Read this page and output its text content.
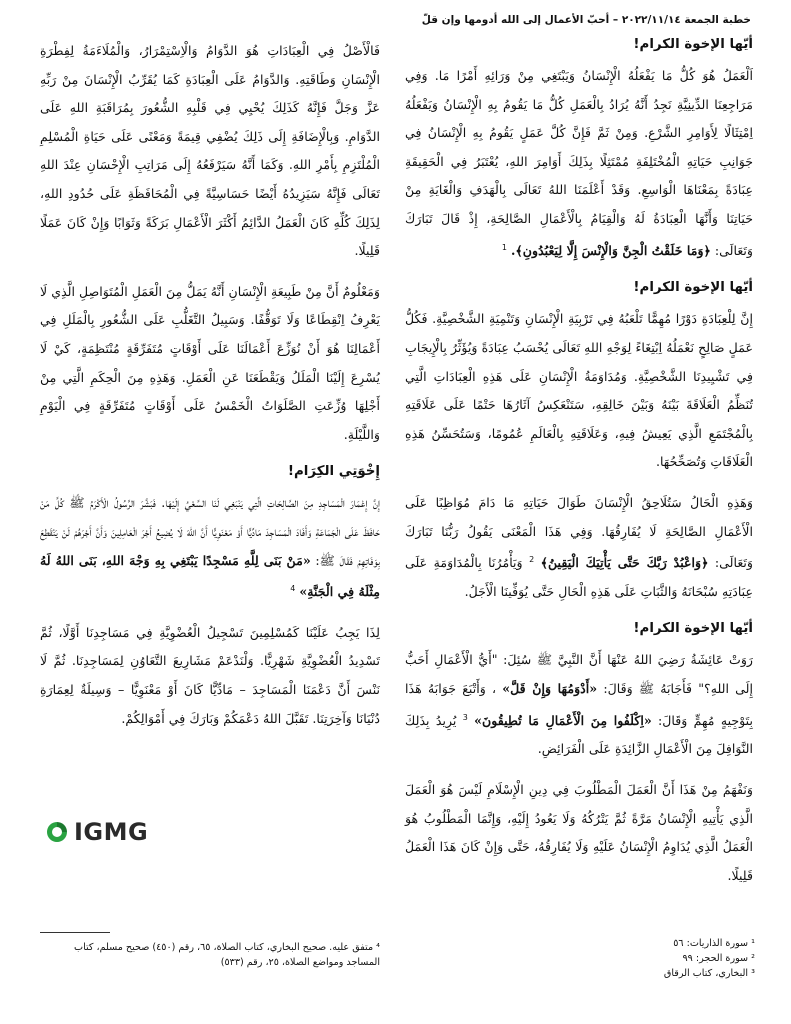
خطبة الجمعة ٢٠٢٢/١١/١٤ – أحبّ الأعمال إلى الله أدومها وإن قلّ
أيّها الإخوة الكرام!

اَلْعَمَلُ هُوَ كُلُّ مَا يَفْعَلُهُ الْإِنْسَانُ وَيَبْتَغِي مِنْ وَرَائِهِ أَمْرًا مَا. وَفِي مَرَاجِعِنَا الدِّينِيَّةِ نَجِدُ أَنَّهُ يُرَادُ بِالْعَمَلِ كُلُّ مَا يَقُومُ بِهِ الْإِنْسَانُ وَيَفْعَلُهُ اِمْتِثَالًا لِأَوَامِرِ الشَّرْعِ. وَمِنْ ثَمَّ فَإِنَّ كُلَّ عَمَلٍ يَقُومُ بِهِ الْإِنْسَانُ فِي جَوَانِبِ حَيَاتِهِ الْمُخْتَلِفَةِ مُمْتَثِلًا بِذَلِكَ أَوَامِرَ اللهِ، يُعْتَبَرُ فِي الْحَقِيقَةِ عِبَادَةً بِمَعْنَاهَا الْوَاسِعِ. وَقَدْ أَعْلَمَنَا اللهُ تَعَالَى بِالْهَدَفِ وَالْغَايَةِ مِنْ حَيَاتِنَا وَأَنَّهَا الْعِبَادَةُ لَهُ وَالْقِيَامُ بِالْأَعْمَالِ الصَّالِحَةِ، إِذْ قَالَ تَبَارَكَ وَتَعَالَى: ﴿وَمَا خَلَقْتُ الْجِنَّ وَالْإِنْسَ إِلَّا لِيَعْبُدُونِ﴾. $^1$

أيّها الإخوة الكرام!

إِنَّ لِلْعِبَادَةِ دَوْرًا مُهِمًّا تَلْعَبُهُ فِي تَرْبِيَةِ الْإِنْسَانِ وَتَنْمِيَةِ الشَّخْصِيَّةِ. فَكُلُّ عَمَلٍ صَالِحٍ نَعْمَلُهُ اِبْتِغَاءً لِوَجْهِ اللهِ تَعَالَى يُحْسَبُ عِبَادَةً وَيُؤَثِّرُ بِالْإِيجَابِ فِي تَشْيِيدِنَا الشَّخْصِيَّةِ. وَمُدَاوَمَةُ الْإِنْسَانِ عَلَى هَذِهِ الْعِبَادَاتِ الَّتِي تُنَظِّمُ الْعَلَاقَةَ بَيْنَهُ وَبَيْنَ خَالِقِهِ، سَتَنْعَكِسُ آثَارُهَا حَتْمًا عَلَى عَلَاقَتِهِ بِالْمُجْتَمَعِ الَّذِي يَعِيشُ فِيهِ، وَعَلَاقَتِهِ بِالْعَالَمِ عُمُومًا، وَسَتُحَسِّنُ هَذِهِ الْعَلَاقَاتِ وَتُصَحِّحُهَا.

وَهَذِهِ الْحَالُ سَتُلَاحِقُ الْإِنْسَانَ طَوَالَ حَيَاتِهِ مَا دَامَ مُوَاظِبًا عَلَى الْأَعْمَالِ الصَّالِحَةِ لَا يُفَارِقُهَا. وَفِي هَذَا الْمَعْنَى يَقُولُ رَبُّنَا تَبَارَكَ وَتَعَالَى: ﴿وَاعْبُدْ رَبَّكَ حَتَّى يَأْتِيَكَ الْيَقِينُ﴾ $^2$ وَيَأْمُرُنَا بِالْمُدَاوَمَةِ عَلَى عِبَادَتِهِ سُبْحَانَهُ وَالثَّبَاتِ عَلَى هَذِهِ الْحَالِ حَتَّى يُوَفِّينَا الْأَجَلُ.

أيّها الإخوة الكرام!

رَوَتْ عَائِشَةُ رَضِيَ اللهُ عَنْهَا أَنَّ النَّبِيَّ ﷺ سُئِلَ: "أَيُّ الْأَعْمَالِ أَحَبُّ إِلَى اللهِ؟" فَأَجَابَهُ ﷺ وَقَالَ: «أَدْوَمُهَا وَإِنْ قَلَّ» ، وَأَتْبَعَ جَوَابَهُ هَذَا بِتَوْجِيهٍ مُهِمٍّ وَقَالَ: «اِكْلَفُوا مِنَ الْأَعْمَالِ مَا تُطِيقُونَ» $^3$ يُرِيدُ بِذَلِكَ النَّوَافِلَ مِنَ الْأَعْمَالِ الزَّائِدَةِ عَلَى الْفَرَائِضِ.

وَنَفْهَمُ مِنْ هَذَا أَنَّ الْعَمَلَ الْمَطْلُوبَ فِي دِينِ الْإِسْلَامِ لَيْسَ هُوَ الْعَمَلَ الَّذِي يَأْتِيهِ الْإِنْسَانُ مَرَّةً ثُمَّ يَتْرُكُهُ وَلَا يَعُودُ إِلَيْهِ، وَإِنَّمَا الْمَطْلُوبُ هُوَ الْعَمَلُ الَّذِي يُدَاوِمُ الْإِنْسَانُ عَلَيْهِ وَلَا يُفَارِقُهُ، حَتَّى وَإِنْ كَانَ هَذَا الْعَمَلُ قَلِيلًا.

فَالْأَصْلُ فِي الْعِبَادَاتِ هُوَ الدَّوَامُ وَالْاِسْتِمْرَارُ، وَالْمُلَاءَمَةُ لِفِطْرَةِ الْإِنْسَانِ وَطَاقَتِهِ. وَالدَّوَامُ عَلَى الْعِبَادَةِ كَمَا يُقَرِّبُ الْإِنْسَانَ مِنْ رَبِّهِ عَزَّ وَجَلَّ فَإِنَّهُ كَذَلِكَ يُحْيِي فِي قَلْبِهِ الشُّعُورَ بِمُرَاقَبَةِ اللهِ عَلَى الدَّوَامِ. وَبِالْإِضَافَةِ إِلَى ذَلِكَ يُضْفِي قِيمَةً وَمَعْنًى عَلَى حَيَاةِ الْمُسْلِمِ الْمُلْتَزِمِ بِأَمْرِ اللهِ. وَكَمَا أَنَّهُ سَيَرْفَعُهُ إِلَى مَرَاتِبِ الْإِحْسَانِ عِنْدَ اللهِ تَعَالَى فَإِنَّهُ سَيَزِيدُهُ أَيْضًا حَسَاسِيَّةً فِي الْمُحَافَظَةِ عَلَى حُدُودِ اللهِ، لِذَلِكَ كُلِّهِ كَانَ الْعَمَلُ الدَّائِمُ أَكْثَرَ الْأَعْمَالِ بَرَكَةً وَثَوَابًا وَإِنْ كَانَ عَمَلًا قَلِيلًا.

وَمَعْلُومٌ أَنَّ مِنْ طَبِيعَةِ الْإِنْسَانِ أَنَّهُ يَمَلُّ مِنَ الْعَمَلِ الْمُتَوَاصِلِ الَّذِي لَا يَعْرِفُ اِنْقِطَاعًا وَلَا تَوَقُّفًا. وَسَبِيلُ التَّغَلُّبِ عَلَى الشُّعُورِ بِالْمَلَلِ فِي أَعْمَالِنَا هُوَ أَنْ نُوَزِّعَ أَعْمَالَنَا عَلَى أَوْقَاتٍ مُتَفَرِّقَةٍ مُنْتَظِمَةٍ، كَيْ لَا يُسْرِعَ إِلَيْنَا الْمَلَلُ وَيَقْطَعَنَا عَنِ الْعَمَلِ. وَهَذِهِ مِنَ الْحِكَمِ الَّتِي مِنْ أَجْلِهَا وُزِّعَتِ الصَّلَوَاتُ الْخَمْسُ عَلَى أَوْقَاتٍ مُتَفَرِّقَةٍ فِي الْيَوْمِ وَاللَّيْلَةِ.

إِخْوَتِي الكِرَام!

إِنَّ إِعْمَارَ الْمَسَاجِدِ مِنَ الصَّالِحَاتِ الَّتِي يَنْبَغِي لَنَا السَّعْيُ إِلَيْهَا. فَبَشَّرَ الرَّسُولُ الْأَكْرَمُ ﷺ كُلَّ مَنْ حَافَظَ عَلَى الْجَمَاعَةِ وَأَفَادَ الْمَسَاجِدَ مَادِّيًّا أَوْ مَعْنَوِيًّا أَنَّ اللهَ لَا يُضِيعُ أَجْرَ الْعَامِلِينَ وَأَنَّ أَجْرَهُمْ لَنْ يَنْقَطِعَ بِوَفَاتِهِمْ فَقَالَ ﷺ: «مَنْ بَنَى لِلَّهِ مَسْجِدًا يَبْتَغِي بِهِ وَجْهَ اللهِ، بَنَى اللهُ لَهُ مِثْلَهُ فِي الْجَنَّةِ» $^4$

لِذَا يَجِبُ عَلَيْنَا كَمُسْلِمِينَ تَسْجِيلُ الْعُضْوِيَّةِ فِي مَسَاجِدِنَا أَوَّلًا، ثُمَّ تَسْدِيدُ الْعُضْوِيَّةِ شَهْرِيًّا. وَلْنَدْعَمْ مَشَارِيعَ التَّعَاوُنِ لِمَسَاجِدِنَا. ثُمَّ لَا نَنْسَ أَنَّ دَعْمَنَا الْمَسَاجِدَ – مَادِّيًّا كَانَ أَوْ مَعْنَوِيًّا – وَسِيلَةٌ لِعِمَارَةِ دُنْيَانَا وَآخِرَتِنَا. تَقَبَّلَ اللهُ دَعْمَكُمْ وَبَارَكَ فِي أَمْوَالِكُمْ.

IGMG
⁴ متفق عليه. صحيح البخاري، كتاب الصلاة، ٦٥، رقم (٤٥٠) صحيح مسلم، كتاب المساجد ومواضع الصلاة، ٢٥، رقم (٥٣٣)
¹ سورة الذاريات: ٥٦
² سورة الحجر: ٩٩
³ البخاري، كتاب الرقاق
